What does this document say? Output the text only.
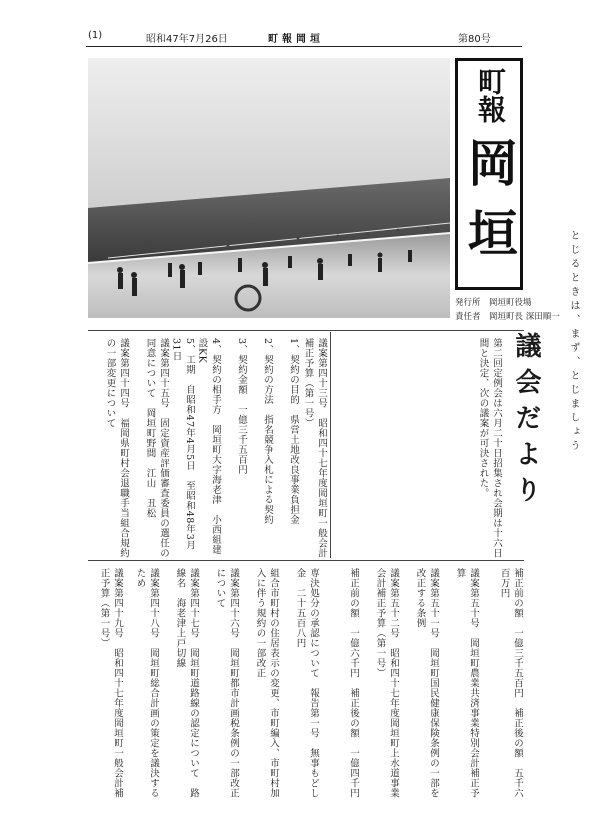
(1)	昭和47年7月26日	町報岡垣	第80号
町報
岡
垣
発行所　 岡垣町役場
責任者　 岡垣町長 深田順一 とじるときは、まず、とじましょう
議会だより
第二回定例会は六月二十日招集され会期は十六日間と決定、次の議案が可決された。
議案第四十三号　昭和四十七年度岡垣町一般会計補正予算（第一号）
1、契約の目的　県営土地改良事業負担金
2、契約の方法　指名競争入札による契約
3、契約金額　一億三千五百円
4、契約の相手方　岡垣町大字海老津　小西組建設KK
5、工期　自昭和47年4月5日　至昭和48年3月31日
議案第四十五号　固定資産評価審査委員の選任の同意について　岡垣町野間　江山　丑松
議案第四十四号　福岡県町村会退職手当組合規約の一部変更について
補正前の額　一億三千五百円　補正後の額　五千六百万円
議案第五十号　岡垣町農業共済事業特別会計補正予算
議案第五十一号　岡垣町国民健康保険条例の一部を改正する条例
議案第五十二号　昭和四十七年度岡垣町上水道事業会計補正予算（第一号）
補正前の額　一億六千円　補正後の額　一億四千円
専決処分の承認について　報告第一号　無事もどし金　二十五百八円
組合市町村の住居表示の変更、市町編入、市町村加入に伴う規約の一部改正
議案第四十六号　岡垣町都市計画税条例の一部改正について
議案第四十七号　岡垣町道路線の認定について　路線名　海老津上戸切線
議案第四十八号　岡垣町総合計画の策定を議決するため
議案第四十九号　昭和四十七年度岡垣町一般会計補正予算（第一号）
